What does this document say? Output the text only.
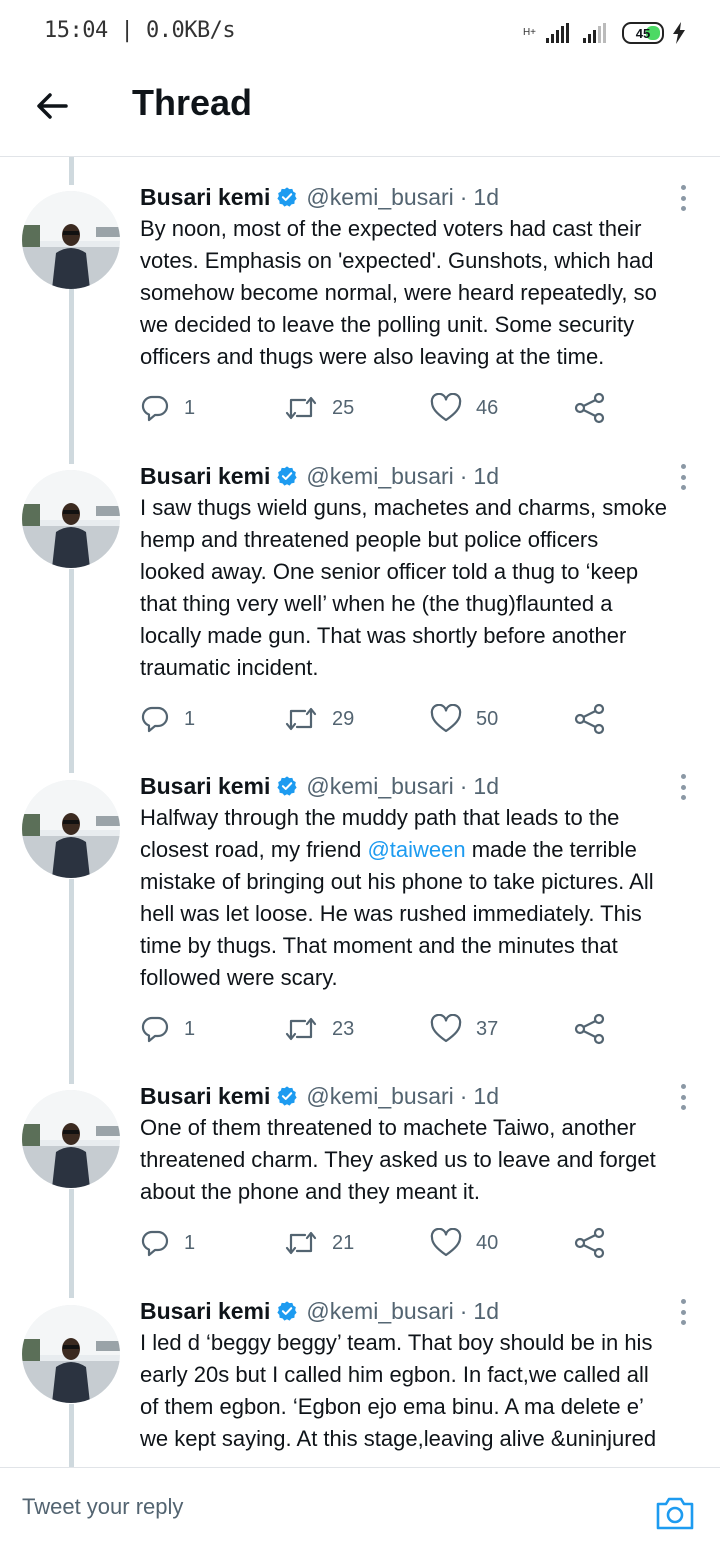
15:04 | 0.0KB/s	H+	45
Thread
Busari kemi @kemi_busari · 1d
By noon, most of the expected voters had cast their
votes. Emphasis on 'expected'. Gunshots, which had
somehow become normal, were heard repeatedly, so
we decided to leave the polling unit. Some security
officers and thugs were also leaving at the time.
1	25	46
Busari kemi @kemi_busari · 1d
I saw thugs wield guns, machetes and charms, smoke
hemp and threatened people but police officers
looked away. One senior officer told a thug to ‘keep
that thing very well’ when he (the thug)flaunted a
locally made gun. That was shortly before another
traumatic incident.
1	29	50
Busari kemi @kemi_busari · 1d
Halfway through the muddy path that leads to the
closest road, my friend @taiween made the terrible
mistake of bringing out his phone to take pictures. All
hell was let loose. He was rushed immediately. This
time by thugs. That moment and the minutes that
followed were scary.
1	23	37
Busari kemi @kemi_busari · 1d
One of them threatened to machete Taiwo, another
threatened charm. They asked us to leave and forget
about the phone and they meant it.
1	21	40
Busari kemi @kemi_busari · 1d
I led d ‘beggy beggy’ team. That boy should be in his
early 20s but I called him egbon. In fact,we called all
of them egbon. ‘Egbon ejo ema binu. A ma delete e’
we kept saying. At this stage,leaving alive &uninjured
Tweet your reply
